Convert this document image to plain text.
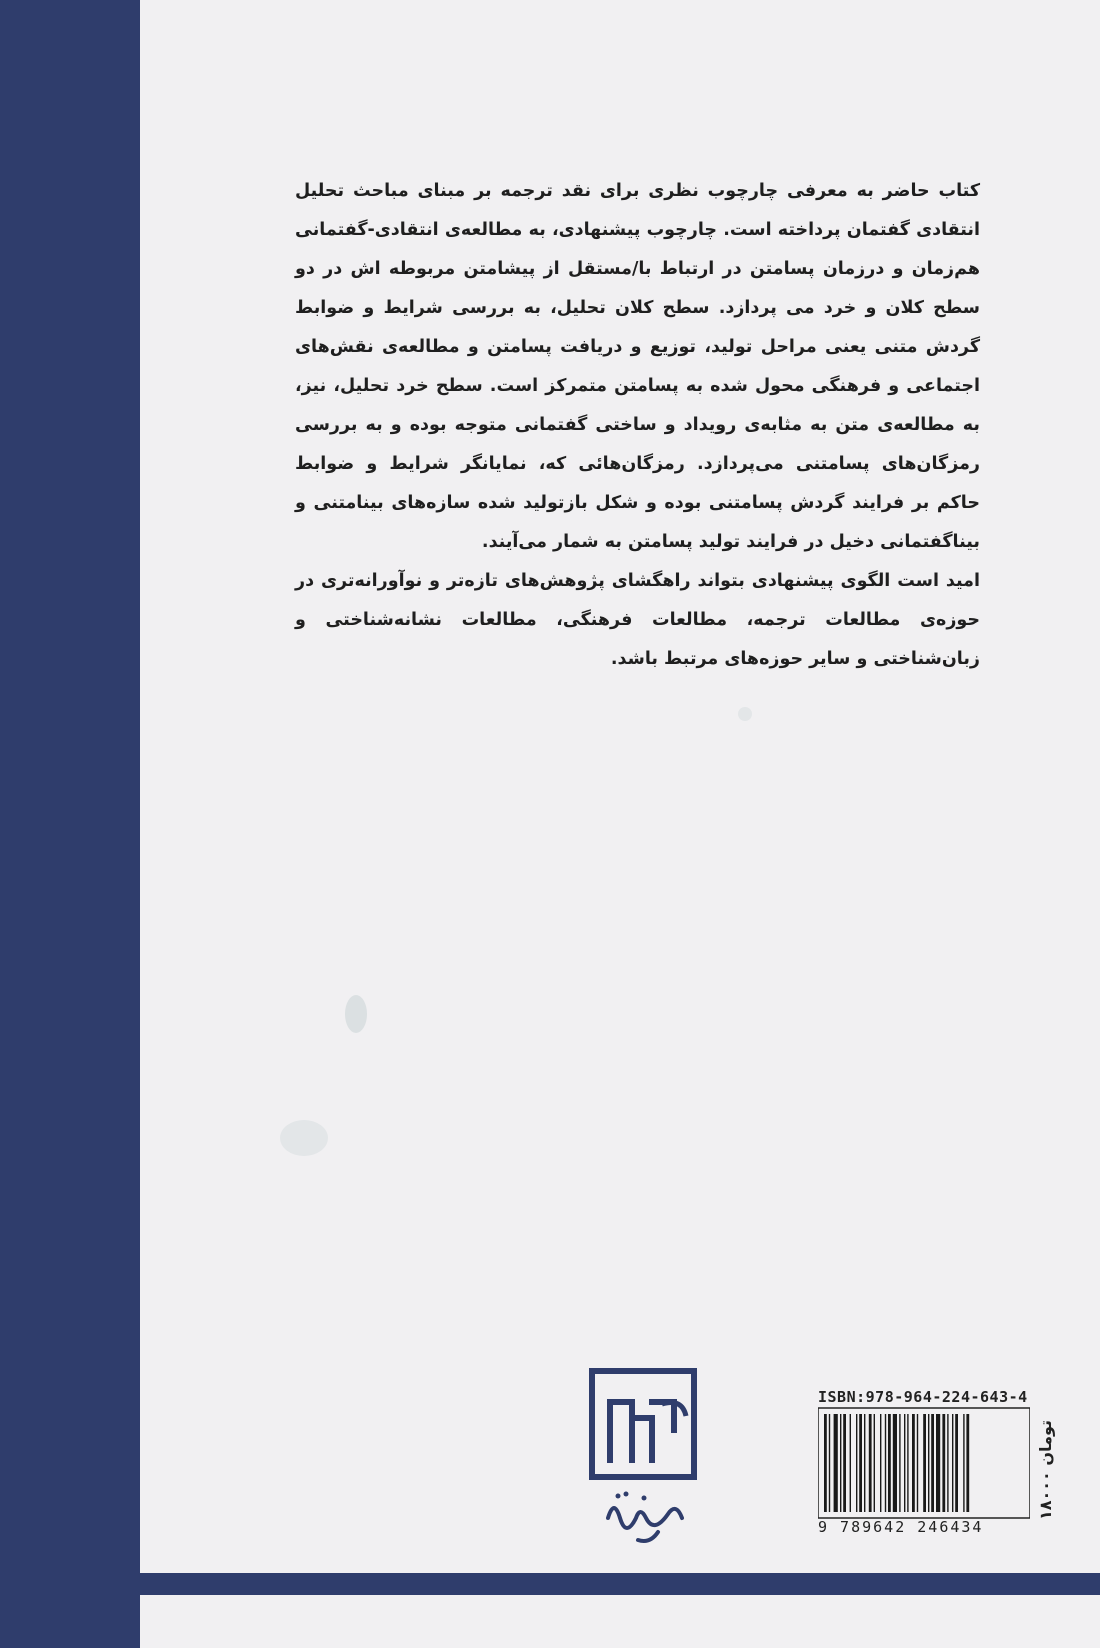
کتاب حاضر به معرفی چارچوب نظری برای نقد ترجمه بر مبنای مباحث تحلیل انتقادی گفتمان پرداخته است. چارچوب پیشنهادی، به مطالعه‌ی انتقادی-گفتمانی هم‌زمان و درزمان پسامتن در ارتباط با/مستقل از پیشامتن مربوطه اش در دو سطح کلان و خرد می پردازد. سطح کلان تحلیل، به بررسی شرایط و ضوابط گردش متنی یعنی مراحل تولید، توزیع و دریافت پسامتن و مطالعه‌ی نقش‌های اجتماعی و فرهنگی محول شده به پسامتن متمرکز است. سطح خرد تحلیل، نیز، به مطالعه‌ی متن به مثابه‌ی رویداد و ساختی گفتمانی متوجه بوده و به بررسی رمزگان‌های پسامتنی می‌پردازد. رمزگان‌هائی که، نمایانگر شرایط و ضوابط حاکم بر فرایند گردش پسامتنی بوده و شکل بازتولید شده سازه‌های بینامتنی و بیناگفتمانی دخیل در فرایند تولید پسامتن به شمار می‌آیند.

امید است الگوی پیشنهادی بتواند راهگشای پژوهش‌های تازه‌تر و نوآورانه‌تری در حوزه‌ی مطالعات ترجمه، مطالعات فرهنگی، مطالعات نشانه‌شناختی و زبان‌شناختی و سایر حوزه‌های مرتبط باشد.

ISBN:978-964-224-643-4
9 789642 246434
۱۸۰۰۰ تومان
